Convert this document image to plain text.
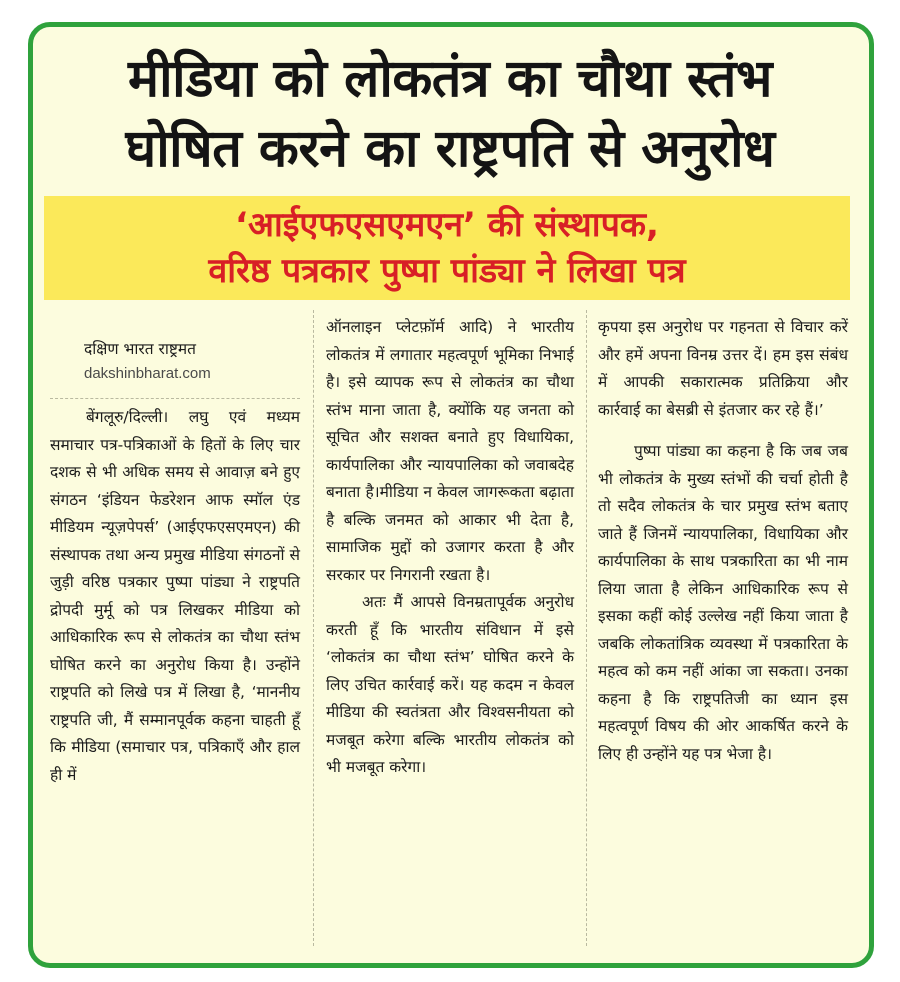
मीडिया को लोकतंत्र का चौथा स्तंभ
घोषित करने का राष्ट्रपति से अनुरोध

‘आईएफएसएमएन’ की संस्थापक,
वरिष्ठ पत्रकार पुष्पा पांड्या ने लिखा पत्र

दक्षिण भारत राष्ट्रमत
dakshinbharat.com

बेंगलूरु/दिल्ली। लघु एवं मध्यम समाचार पत्र-पत्रिकाओं के हितों के लिए चार दशक से भी अधिक समय से आवाज़ बने हुए संगठन ‘इंडियन फेडरेशन आफ स्मॉल एंड मीडियम न्यूज़पेपर्स’ (आईएफएसएमएन) की संस्थापक तथा अन्य प्रमुख मीडिया संगठनों से जुड़ी वरिष्ठ पत्रकार पुष्पा पांड्या ने राष्ट्रपति द्रोपदी मुर्मू को पत्र लिखकर मीडिया को आधिकारिक रूप से लोकतंत्र का चौथा स्तंभ घोषित करने का अनुरोध किया है। उन्होंने राष्ट्रपति को लिखे पत्र में लिखा है, ‘माननीय राष्ट्रपति जी, मैं सम्मानपूर्वक कहना चाहती हूँ कि मीडिया (समाचार पत्र, पत्रिकाएँ और हाल ही में

ऑनलाइन प्लेटफ़ॉर्म आदि) ने भारतीय लोकतंत्र में लगातार महत्वपूर्ण भूमिका निभाई है। इसे व्यापक रूप से लोकतंत्र का चौथा स्तंभ माना जाता है, क्योंकि यह जनता को सूचित और सशक्त बनाते हुए विधायिका, कार्यपालिका और न्यायपालिका को जवाबदेह बनाता है।मीडिया न केवल जागरूकता बढ़ाता है बल्कि जनमत को आकार भी देता है, सामाजिक मुद्दों को उजागर करता है और सरकार पर निगरानी रखता है।

अतः मैं आपसे विनम्रतापूर्वक अनुरोध करती हूँ कि भारतीय संविधान में इसे ‘लोकतंत्र का चौथा स्तंभ’ घोषित करने के लिए उचित कार्रवाई करें। यह कदम न केवल मीडिया की स्वतंत्रता और विश्वसनीयता को मजबूत करेगा बल्कि भारतीय लोकतंत्र को भी मजबूत करेगा।

कृपया इस अनुरोध पर गहनता से विचार करें और हमें अपना विनम्र उत्तर दें। हम इस संबंध में आपकी सकारात्मक प्रतिक्रिया और कार्रवाई का बेसब्री से इंतजार कर रहे हैं।’

पुष्पा पांड्या का कहना है कि जब जब भी लोकतंत्र के मुख्य स्तंभों की चर्चा होती है तो सदैव लोकतंत्र के चार प्रमुख स्तंभ बताए जाते हैं जिनमें न्यायपालिका, विधायिका और कार्यपालिका के साथ पत्रकारिता का भी नाम लिया जाता है लेकिन आधिकारिक रूप से इसका कहीं कोई उल्लेख नहीं किया जाता है जबकि लोकतांत्रिक व्यवस्था में पत्रकारिता के महत्व को कम नहीं आंका जा सकता। उनका कहना है कि राष्ट्रपतिजी का ध्यान इस महत्वपूर्ण विषय की ओर आकर्षित करने के लिए ही उन्होंने यह पत्र भेजा है।
